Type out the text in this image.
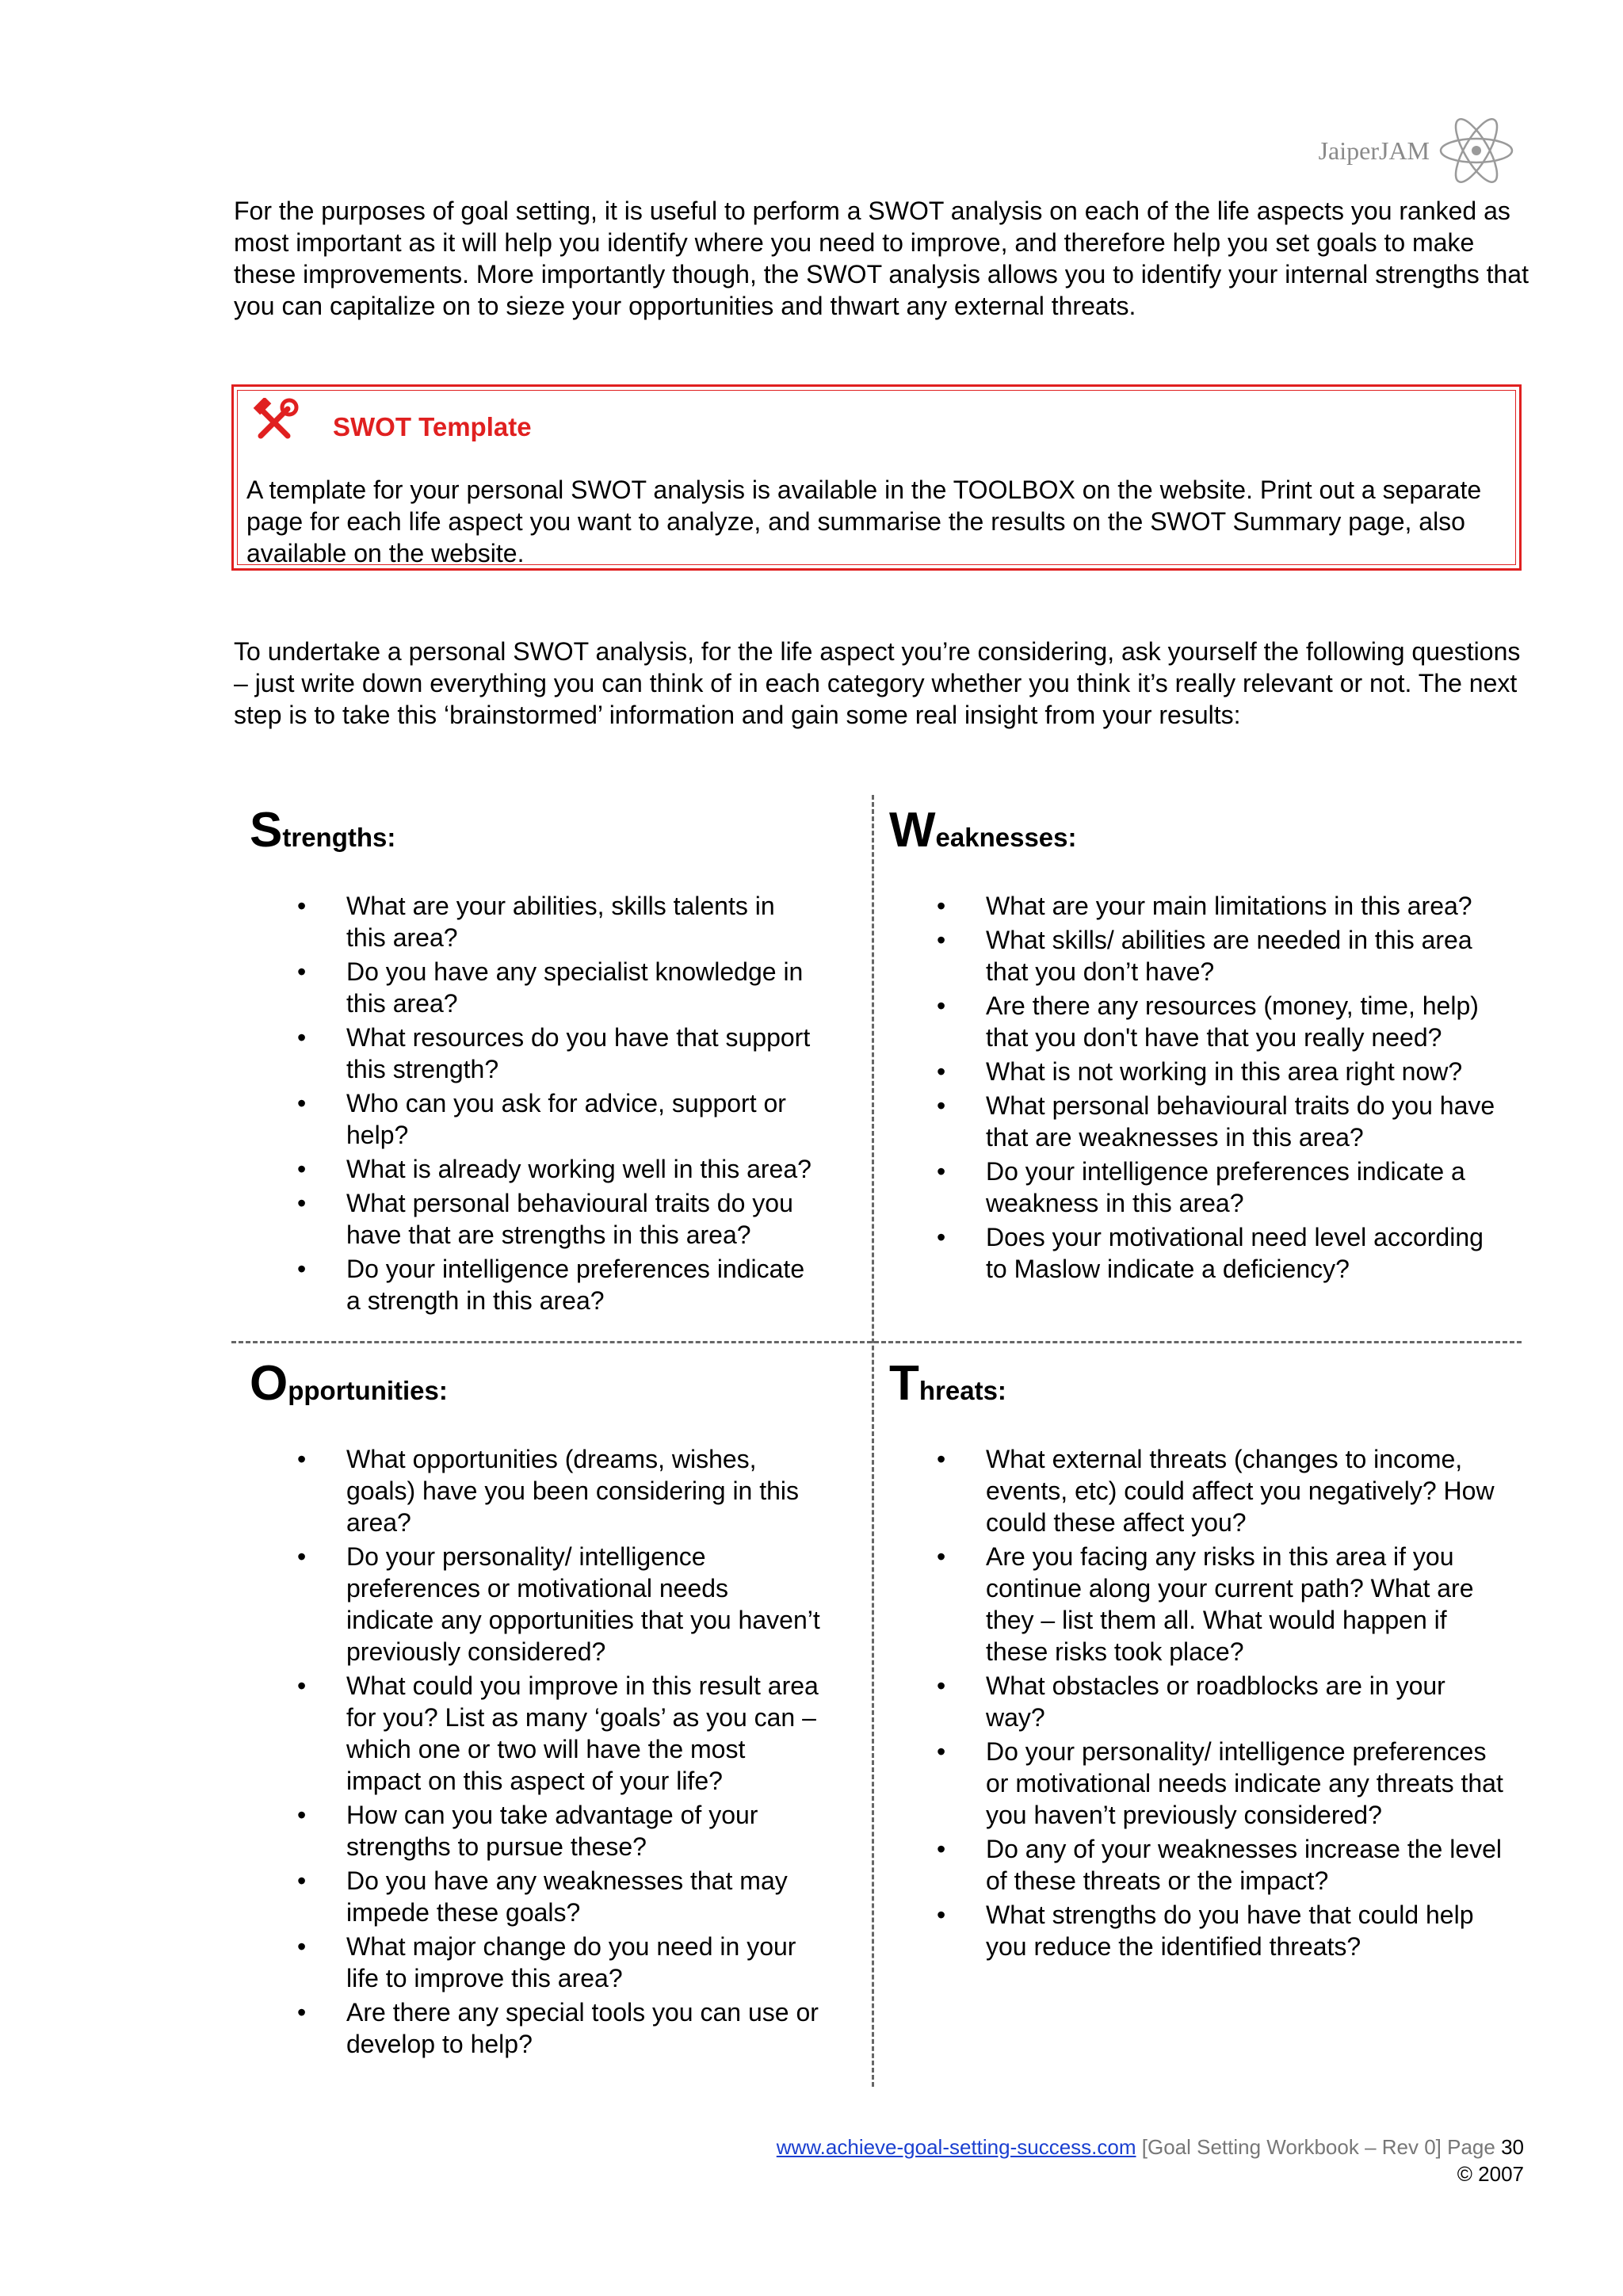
JaiperJAM
For the purposes of goal setting, it is useful to perform a SWOT analysis on each of the life aspects you ranked as most important as it will help you identify where you need to improve, and therefore help you set goals to make these improvements. More importantly though, the SWOT analysis allows you to identify your internal strengths that you can capitalize on to sieze your opportunities and thwart any external threats.
SWOT Template
A template for your personal SWOT analysis is available in the TOOLBOX on the website. Print out a separate page for each life aspect you want to analyze, and summarise the results on the SWOT Summary page, also available on the website.
To undertake a personal SWOT analysis, for the life aspect you’re considering, ask yourself the following questions – just write down everything you can think of in each category whether you think it’s really relevant or not. The next step is to take this ‘brainstormed’ information and gain some real insight from your results:
S trengths:
• What are your abilities, skills talents in this area?
• Do you have any specialist knowledge in this area?
• What resources do you have that support this strength?
• Who can you ask for advice, support or help?
• What is already working well in this area?
• What personal behavioural traits do you have that are strengths in this area?
• Do your intelligence preferences indicate a strength in this area?
W eaknesses:
• What are your main limitations in this area?
• What skills/ abilities are needed in this area that you don’t have?
• Are there any resources (money, time, help) that you don't have that you really need?
• What is not working in this area right now?
• What personal behavioural traits do you have that are weaknesses in this area?
• Do your intelligence preferences indicate a weakness in this area?
• Does your motivational need level according to Maslow indicate a deficiency?
O pportunities:
• What opportunities (dreams, wishes, goals) have you been considering in this area?
• Do your personality/ intelligence preferences or motivational needs indicate any opportunities that you haven’t previously considered?
• What could you improve in this result area for you? List as many ‘goals’ as you can – which one or two will have the most impact on this aspect of your life?
• How can you take advantage of your strengths to pursue these?
• Do you have any weaknesses that may impede these goals?
• What major change do you need in your life to improve this area?
• Are there any special tools you can use or develop to help?
T hreats:
• What external threats (changes to income, events, etc) could affect you negatively? How could these affect you?
• Are you facing any risks in this area if you continue along your current path? What are they – list them all. What would happen if these risks took place?
• What obstacles or roadblocks are in your way?
• Do your personality/ intelligence preferences or motivational needs indicate any threats that you haven’t previously considered?
• Do any of your weaknesses increase the level of these threats or the impact?
• What strengths do you have that could help you reduce the identified threats?
www.achieve-goal-setting-success.com [Goal Setting Workbook – Rev 0] Page 30
© 2007
